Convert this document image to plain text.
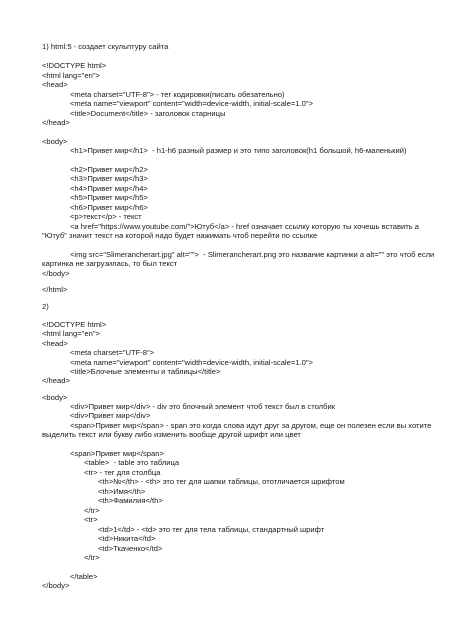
1) html:5 - создает скульптуру сайта
<!DOCTYPE html>
<html lang="en">
<head>
<meta charset="UTF-8"> - тег кодировки(писать обезательно)
<meta name="viewport" content="width=device-width, initial-scale=1.0">
<title>Document</title> - заголовок старницы
</head>
<body>
<h1>Привет мир</h1>  - h1-h6 разный размер и это типо заголовок(h1 большой, h6-маленький)
<h2>Привет мир</h2>
<h3>Привет мир</h3>
<h4>Привет мир</h4>
<h5>Привет мир</h5>
<h6>Привет мир</h6>
<p>текст</p> - текст
<a href="https://www.youtube.com/">Ютуб</a> - href означает ссылку которую ты хочешь вставить а "Ютуб" значит текст на которой надо будет нажимать чтоб перейти по ссылке
<img src="Slimerancherart.jpg" alt="">  - Slimerancherart.png это название картинки а alt="" это чтоб если картинка не загрузилась, то был текст
</body>
</html>
2)
<!DOCTYPE html>
<html lang="en">
<head>
<meta charset="UTF-8">
<meta name="viewport" content="width=device-width, initial-scale=1.0">
<title>Блочные элементы и таблицы</title>
</head>
<body>
<div>Привет мир</div> - div это блочный элемент чтоб текст был в столбик
<div>Привет мир</div>
<span>Привет мир</span> - span это когда слова идут друг за другом, еще он полезен если вы хотите выделить текст или букву либо изменить вообще другой шрифт или цвет
<span>Привет мир</span>
<table>  - table это таблица
<tr> - тег для столбца
<th>№</th> - <th> это тег для шапки таблицы, ототличается шрифтом
<th>Имя</th>
<th>Фамилия</th>
</tr>
<tr>
<td>1</td> - <td> это тег для тела таблицы, стандартный шрифт
<td>Никита</td>
<td>Ткаченко</td>
</tr>
</table>
</body>
